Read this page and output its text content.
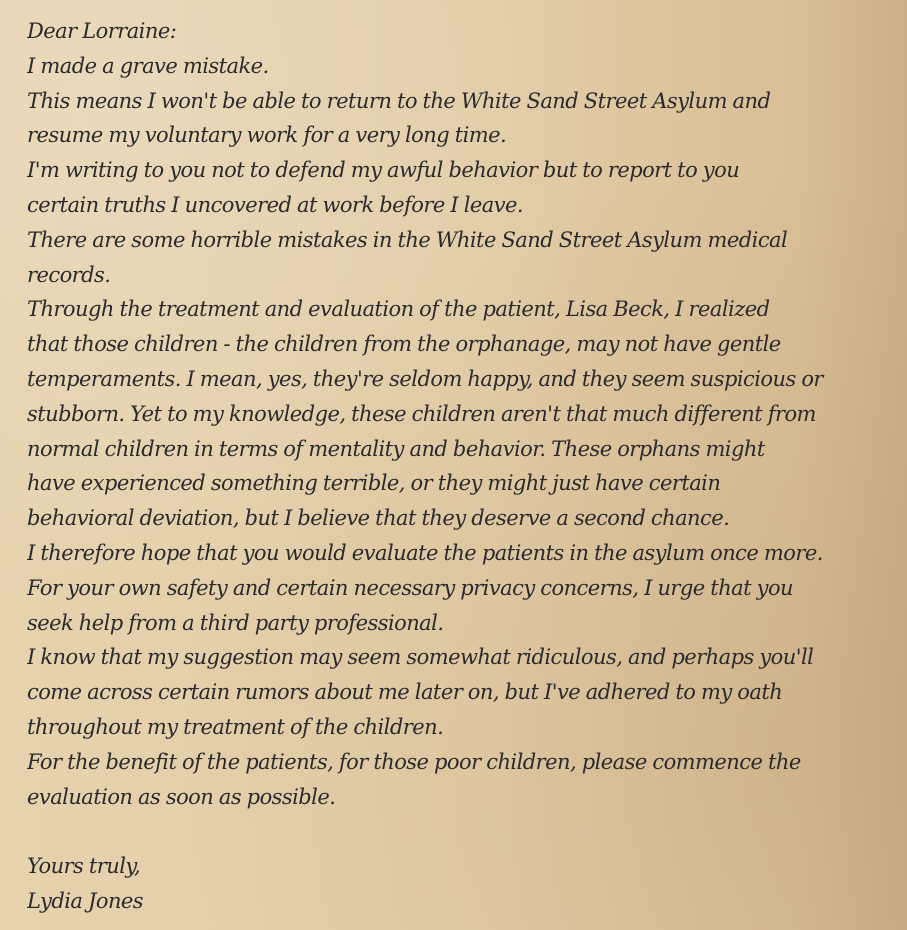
Dear Lorraine:
I made a grave mistake.
This means I won't be able to return to the White Sand Street Asylum and
resume my voluntary work for a very long time.
I'm writing to you not to defend my awful behavior but to report to you
certain truths I uncovered at work before I leave.
There are some horrible mistakes in the White Sand Street Asylum medical
records.
Through the treatment and evaluation of the patient, Lisa Beck, I realized
that those children - the children from the orphanage, may not have gentle
temperaments. I mean, yes, they're seldom happy, and they seem suspicious or
stubborn. Yet to my knowledge, these children aren't that much different from
normal children in terms of mentality and behavior. These orphans might
have experienced something terrible, or they might just have certain
behavioral deviation, but I believe that they deserve a second chance.
I therefore hope that you would evaluate the patients in the asylum once more.
For your own safety and certain necessary privacy concerns, I urge that you
seek help from a third party professional.
I know that my suggestion may seem somewhat ridiculous, and perhaps you'll
come across certain rumors about me later on, but I've adhered to my oath
throughout my treatment of the children.
For the benefit of the patients, for those poor children, please commence the
evaluation as soon as possible.
Yours truly,
Lydia Jones
